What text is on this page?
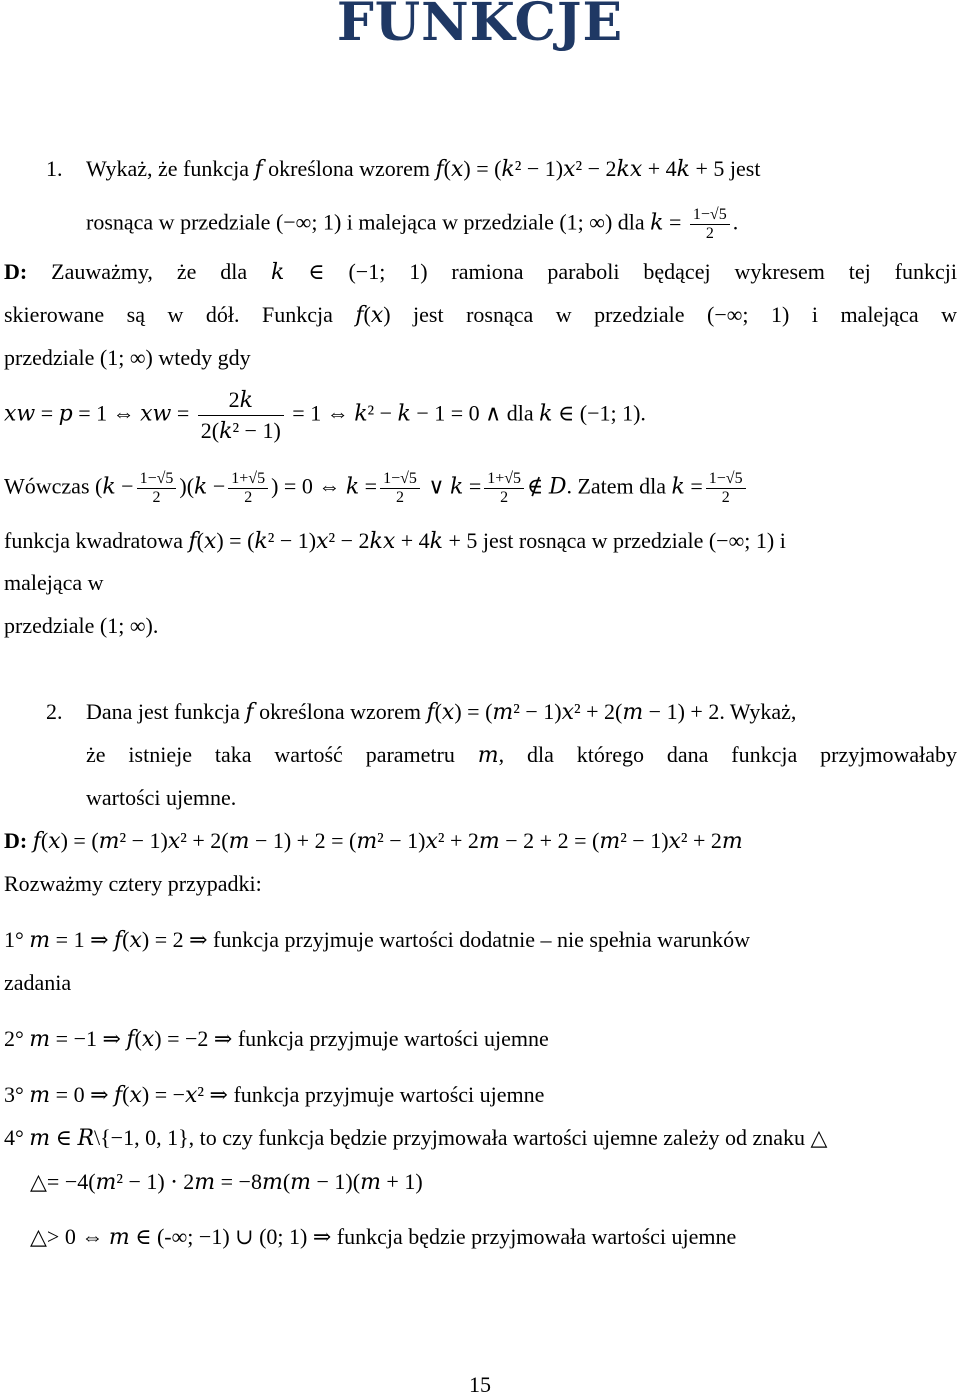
FUNKCJE
1. Wykaż, że funkcja 𝑓 określona wzorem 𝑓(𝑥) = (𝑘² − 1)𝑥² − 2𝑘𝑥 + 4𝑘 + 5 jest
rosnąca w przedziale (−∞; 1) i malejąca w przedziale (1; ∞) dla 𝑘 = $\frac{1-√5}{2}$ .
D: Zauważmy, że dla 𝑘 ∈ (−1; 1) ramiona paraboli będącej wykresem tej funkcji
skierowane są w dół. Funkcja 𝑓(𝑥) jest rosnąca w przedziale (−∞; 1) i malejąca w
przedziale (1; ∞) wtedy gdy
𝑥𝑤 = 𝑝 = 1 ⇔ 𝑥𝑤 = $\frac{\text{2𝑘}}{\text{2(𝑘² − 1)}} = 1$ ⇔ 𝑘² − 𝑘 − 1 = 0 ∧ dla 𝑘 ∈ (−1; 1).
Wówczas (𝑘 − $\frac{1-√5}{2}$ )(𝑘 − $\frac{1+√5}{2}$ ) = 0 ⇔ 𝑘 = $\frac{1-√5}{2}$ ∨ 𝑘 = $\frac{1+√5}{2}$ ∉ 𝐷. Zatem dla 𝑘 = $\frac{1-√5}{2}$
funkcja kwadratowa 𝑓(𝑥) = (𝑘² − 1)𝑥² − 2𝑘𝑥 + 4𝑘 + 5 jest rosnąca w przedziale (−∞; 1) i
malejąca w
przedziale (1; ∞).
2. Dana jest funkcja 𝑓 określona wzorem 𝑓(𝑥) = (𝑚² − 1)𝑥² + 2(𝑚 − 1) + 2. Wykaż,
że istnieje taka wartość parametru 𝑚, dla którego dana funkcja przyjmowałaby
wartości ujemne.
D: 𝑓(𝑥) = (𝑚² − 1)𝑥² + 2(𝑚 − 1) + 2 = (𝑚² − 1)𝑥² + 2𝑚 − 2 + 2 = (𝑚² − 1)𝑥² + 2𝑚
Rozważmy cztery przypadki:
1° 𝑚 = 1 ⇒ 𝑓(𝑥) = 2 ⇒ funkcja przyjmuje wartości dodatnie – nie spełnia warunków
zadania
2° 𝑚 = −1 ⇒ 𝑓(𝑥) = −2 ⇒ funkcja przyjmuje wartości ujemne
3° 𝑚 = 0 ⇒ 𝑓(𝑥) = −𝑥² ⇒ funkcja przyjmuje wartości ujemne
4° 𝑚 ∈ 𝑅\{−1, 0, 1}, to czy funkcja będzie przyjmowała wartości ujemne zależy od znaku △
△= −4(𝑚² − 1) ⋅ 2𝑚 = −8𝑚(𝑚 − 1)(𝑚 + 1)
△> 0 ⇔ 𝑚 ∈ (-∞; −1) ∪ (0; 1) ⇒ funkcja będzie przyjmowała wartości ujemne
15
